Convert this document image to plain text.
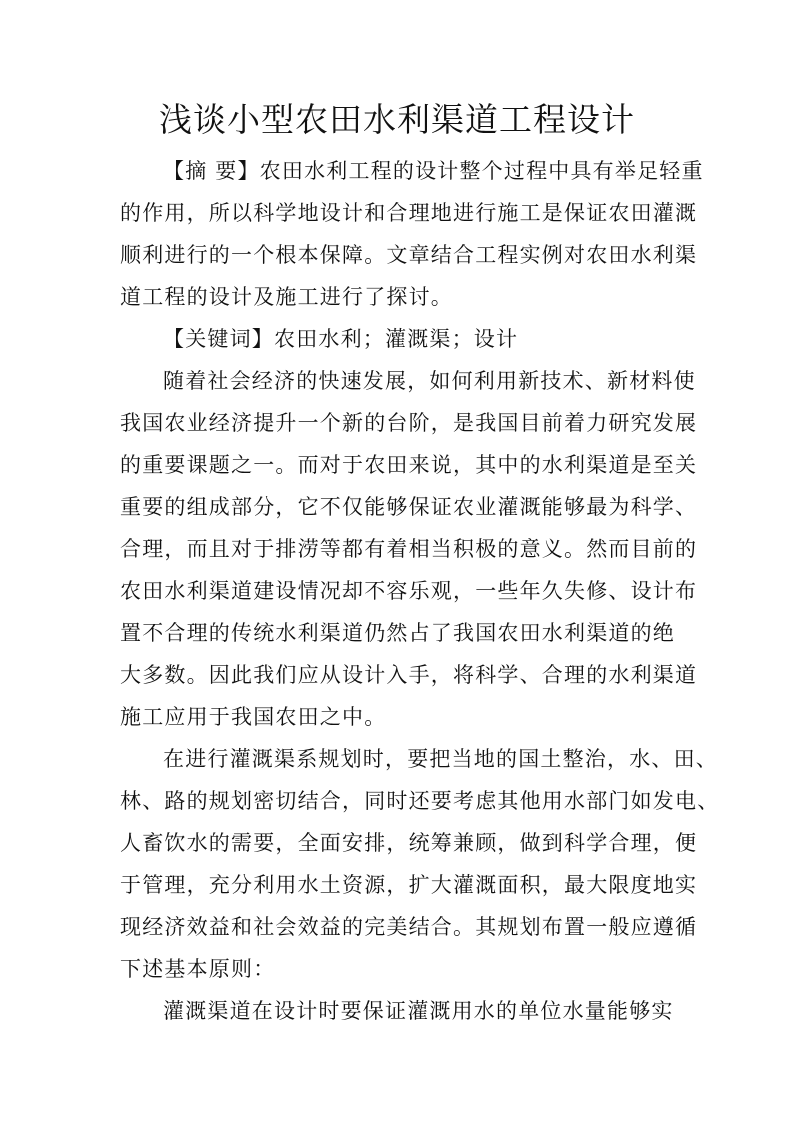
浅谈小型农田水利渠道工程设计
【摘 要】农田水利工程的设计整个过程中具有举足轻重
的作用，所以科学地设计和合理地进行施工是保证农田灌溉
顺利进行的一个根本保障。文章结合工程实例对农田水利渠
道工程的设计及施工进行了探讨。
【关键词】农田水利；灌溉渠；设计
随着社会经济的快速发展，如何利用新技术、新材料使
我国农业经济提升一个新的台阶，是我国目前着力研究发展
的重要课题之一。而对于农田来说，其中的水利渠道是至关
重要的组成部分，它不仅能够保证农业灌溉能够最为科学、
合理，而且对于排涝等都有着相当积极的意义。然而目前的
农田水利渠道建设情况却不容乐观，一些年久失修、设计布
置不合理的传统水利渠道仍然占了我国农田水利渠道的绝
大多数。因此我们应从设计入手，将科学、合理的水利渠道
施工应用于我国农田之中。
在进行灌溉渠系规划时，要把当地的国土整治，水、田、
林、路的规划密切结合，同时还要考虑其他用水部门如发电、
人畜饮水的需要，全面安排，统筹兼顾，做到科学合理，便
于管理，充分利用水土资源，扩大灌溉面积，最大限度地实
现经济效益和社会效益的完美结合。其规划布置一般应遵循
下述基本原则：
灌溉渠道在设计时要保证灌溉用水的单位水量能够实
